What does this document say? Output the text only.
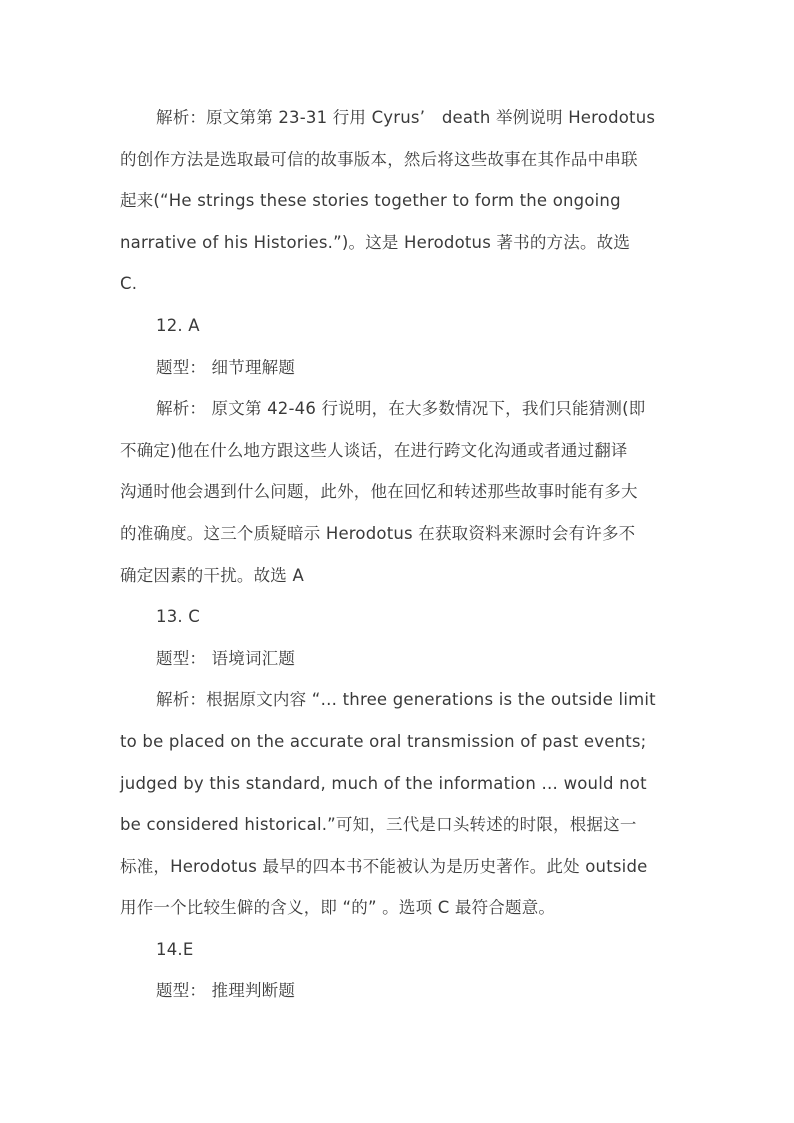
解析：原文第第 23-31 行用 Cyrus’　death 举例说明 Herodotus
的创作方法是选取最可信的故事版本，然后将这些故事在其作品中串联
起来(“He strings these stories together to form the ongoing
narrative of his Histories.”)。这是 Herodotus 著书的方法。故选
C.

12. A

题型： 细节理解题

解析： 原文第 42-46 行说明，在大多数情况下，我们只能猜测(即
不确定)他在什么地方跟这些人谈话，在进行跨文化沟通或者通过翻译
沟通时他会遇到什么问题，此外，他在回忆和转述那些故事时能有多大
的准确度。这三个质疑暗示 Herodotus 在获取资料来源时会有许多不
确定因素的干扰。故选 A

13. C

题型： 语境词汇题

解析：根据原文内容 “… three generations is the outside limit
to be placed on the accurate oral transmission of past events;
judged by this standard, much of the information … would not
be considered historical.”可知，三代是口头转述的时限，根据这一
标准，Herodotus 最早的四本书不能被认为是历史著作。此处 outside
用作一个比较生僻的含义，即 “的” 。选项 C 最符合题意。

14.E

题型： 推理判断题
